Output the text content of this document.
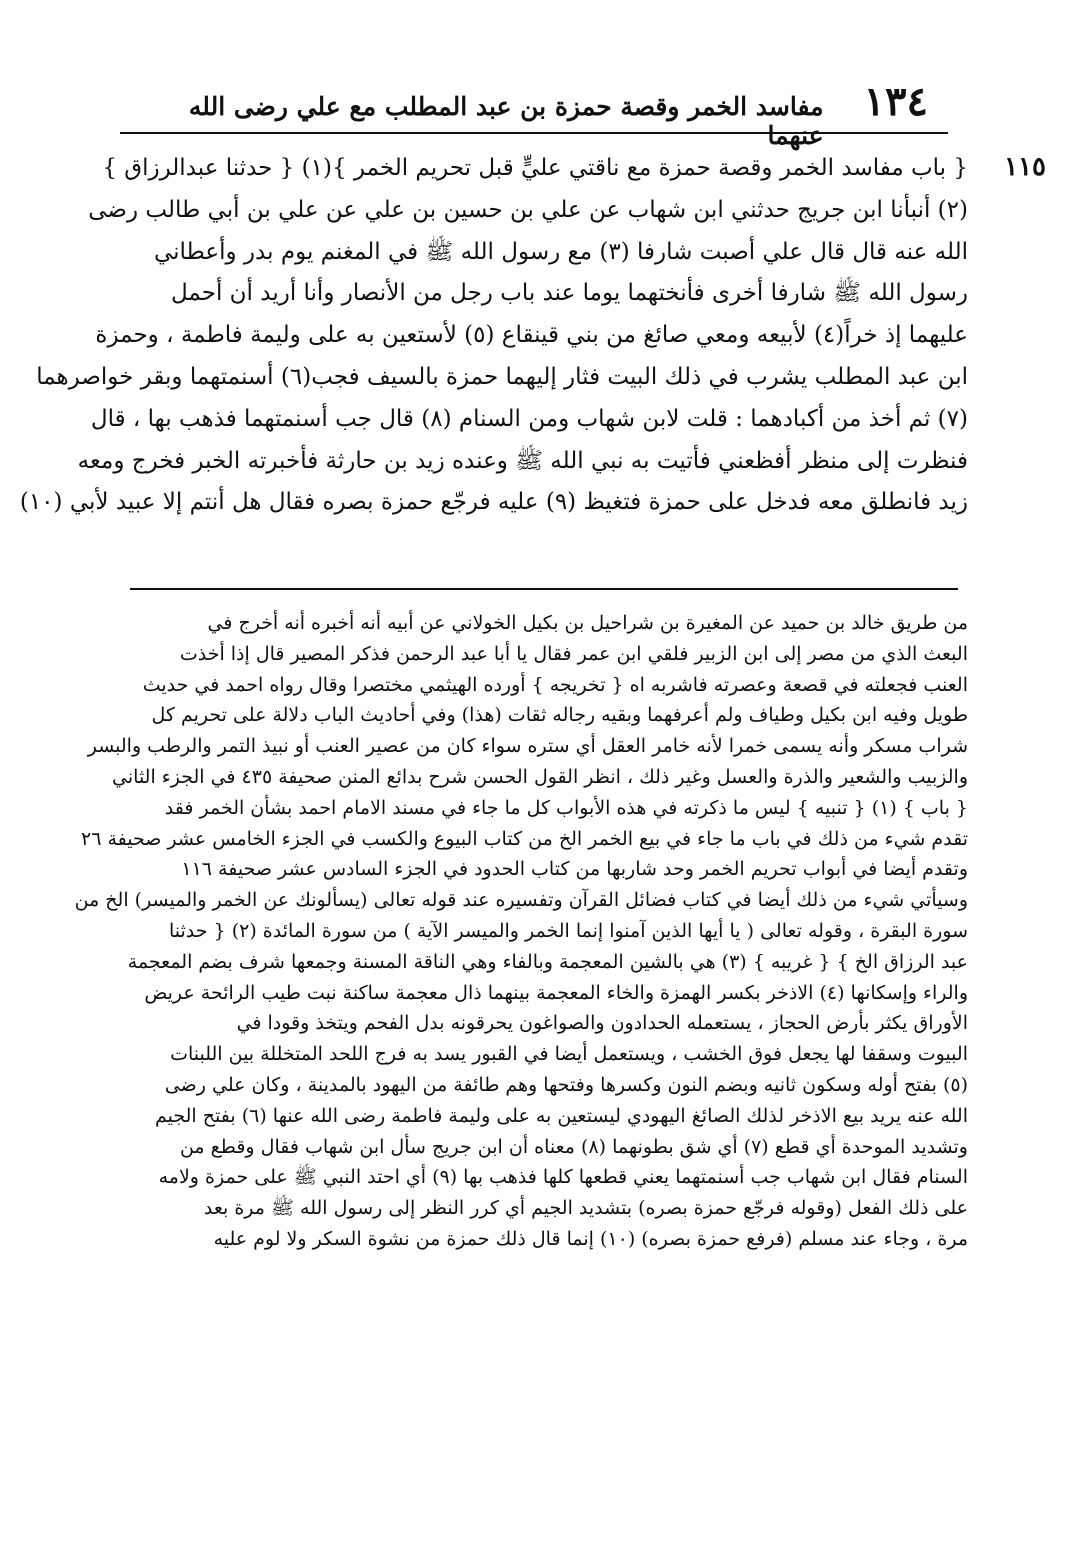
١٣٤
مفاسد الخمر وقصة حمزة بن عبد المطلب مع علي رضى الله عنهما
١١٥
{ باب مفاسد الخمر وقصة حمزة مع ناقتي عليٍّ قبل تحريم الخمر }(١) { حدثنا عبدالرزاق }
(٢) أنبأنا ابن جريج حدثني ابن شهاب عن علي بن حسين بن علي عن علي بن أبي طالب رضى
الله عنه قال قال علي أصبت شارفا (٣) مع رسول الله ﷺ في المغنم يوم بدر وأعطاني
رسول الله ﷺ شارفا أخرى فأنختهما يوما عند باب رجل من الأنصار وأنا أريد أن أحمل
عليهما إذ خراً(٤) لأبيعه ومعي صائغ من بني قينقاع (٥) لأستعين به على وليمة فاطمة ، وحمزة
ابن عبد المطلب يشرب في ذلك البيت فثار إليهما حمزة بالسيف فجب(٦) أسنمتهما وبقر خواصرهما
(٧) ثم أخذ من أكبادهما : قلت لابن شهاب ومن السنام (٨) قال جب أسنمتهما فذهب بها ، قال
فنظرت إلى منظر أفظعني فأتيت به نبي الله ﷺ وعنده زيد بن حارثة فأخبرته الخبر فخرج ومعه
زيد فانطلق معه فدخل على حمزة فتغيظ (٩) عليه فرجّع حمزة بصره فقال هل أنتم إلا عبيد لأبي (١٠)
من طريق خالد بن حميد عن المغيرة بن شراحيل بن بكيل الخولاني عن أبيه أنه أخبره أنه أخرج في
البعث الذي من مصر إلى ابن الزبير فلقي ابن عمر فقال يا أبا عبد الرحمن فذكر المصير قال إذا أخذت
العنب فجعلته في قصعة وعصرته فاشربه اه { تخريجه } أورده الهيثمي مختصرا وقال رواه احمد في حديث
طويل وفيه ابن بكيل وطياف ولم أعرفهما وبقيه رجاله ثقات (هذا) وفي أحاديث الباب دلالة على تحريم كل
شراب مسكر وأنه يسمى خمرا لأنه خامر العقل أي ستره سواء كان من عصير العنب أو نبيذ التمر والرطب والبسر
والزبيب والشعير والذرة والعسل وغير ذلك ، انظر القول الحسن شرح بدائع المنن صحيفة ٤٣٥ في الجزء الثاني
{ باب } (١) { تنبيه } ليس ما ذكرته في هذه الأبواب كل ما جاء في مسند الامام احمد بشأن الخمر فقد
تقدم شيء من ذلك في باب ما جاء في بيع الخمر الخ من كتاب البيوع والكسب في الجزء الخامس عشر صحيفة ٢٦
وتقدم أيضا في أبواب تحريم الخمر وحد شاربها من كتاب الحدود في الجزء السادس عشر صحيفة ١١٦
وسيأتي شيء من ذلك أيضا في كتاب فضائل القرآن وتفسيره عند قوله تعالى (يسألونك عن الخمر والميسر) الخ من
سورة البقرة ، وقوله تعالى ( يا أيها الذين آمنوا إنما الخمر والميسر الآية ) من سورة المائدة (٢) { حدثنا
عبد الرزاق الخ } { غريبه } (٣) هي بالشين المعجمة وبالفاء وهي الناقة المسنة وجمعها شرف بضم المعجمة
والراء وإسكانها (٤) الاذخر بكسر الهمزة والخاء المعجمة بينهما ذال معجمة ساكنة نبت طيب الرائحة عريض
الأوراق يكثر بأرض الحجاز ، يستعمله الحدادون والصواغون يحرقونه بدل الفحم ويتخذ وقودا في
البيوت وسقفا لها يجعل فوق الخشب ، ويستعمل أيضا في القبور يسد به فرج اللحد المتخللة بين اللبنات
(٥) بفتح أوله وسكون ثانيه وبضم النون وكسرها وفتحها وهم طائفة من اليهود بالمدينة ، وكان علي رضى
الله عنه يريد بيع الاذخر لذلك الصائغ اليهودي ليستعين به على وليمة فاطمة رضى الله عنها (٦) بفتح الجيم
وتشديد الموحدة أي قطع (٧) أي شق بطونهما (٨) معناه أن ابن جريج سأل ابن شهاب فقال وقطع من
السنام فقال ابن شهاب جب أسنمتهما يعني قطعها كلها فذهب بها (٩) أي احتد النبي ﷺ على حمزة ولامه
على ذلك الفعل (وقوله فرجّع حمزة بصره) بتشديد الجيم أي كرر النظر إلى رسول الله ﷺ مرة بعد
مرة ، وجاء عند مسلم (فرفع حمزة بصره) (١٠) إنما قال ذلك حمزة من نشوة السكر ولا لوم عليه
